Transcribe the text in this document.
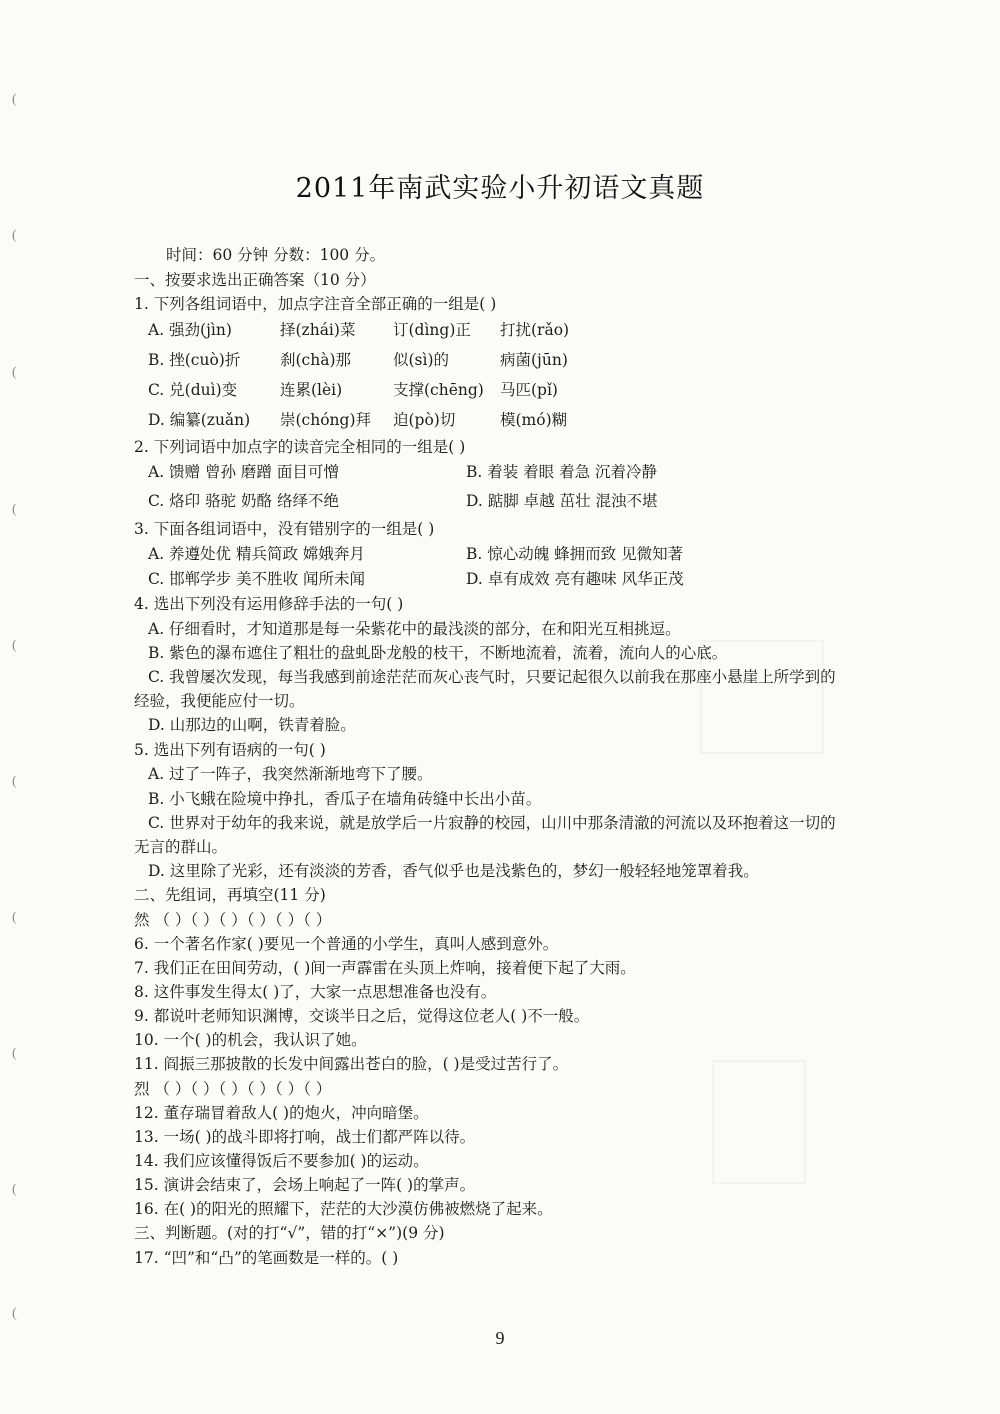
(
(
(
(
(
(
(
(
(
(
2011年南武实验小升初语文真题
时间：60 分钟 分数：100 分。
一、按要求选出正确答案（10 分）
1. 下列各组词语中，加点字注音全部正确的一组是( )
A. 强劲(jìn)	择(zhái)菜 订(dìng)正 打扰(rǎo)
B. 挫(cuò)折	刹(chà)那	似(sì)的	病菌(jūn)
C. 兑(duì)变	连累(lèi)	支撑(chēng) 马匹(pǐ)
D. 编纂(zuǎn) 崇(chóng)拜 迫(pò)切	模(mó)糊
2. 下列词语中加点字的读音完全相同的一组是( )
A. 馈赠 曾孙 磨蹭 面目可憎	B. 着装 着眼 着急 沉着冷静
C. 烙印 骆驼 奶酪 络绎不绝	D. 踮脚 卓越 茁壮 混浊不堪
3. 下面各组词语中，没有错别字的一组是( )
A. 养遵处优 精兵简政 嫦娥奔月	B. 惊心动魄 蜂拥而致 见微知著
C. 邯郸学步 美不胜收 闻所未闻	D. 卓有成效 亮有趣味 风华正茂
4. 选出下列没有运用修辞手法的一句( )
A. 仔细看时，才知道那是每一朵紫花中的最浅淡的部分，在和阳光互相挑逗。
B. 紫色的瀑布遮住了粗壮的盘虬卧龙般的枝干，不断地流着，流着，流向人的心底。
C. 我曾屡次发现，每当我感到前途茫茫而灰心丧气时，只要记起很久以前我在那座小悬崖上所学到的
经验，我便能应付一切。
D. 山那边的山啊，铁青着脸。
5. 选出下列有语病的一句( )
A. 过了一阵子，我突然渐渐地弯下了腰。
B. 小飞蛾在险境中挣扎，香瓜子在墙角砖缝中长出小苗。
C. 世界对于幼年的我来说，就是放学后一片寂静的校园，山川中那条清澈的河流以及环抱着这一切的
无言的群山。
D. 这里除了光彩，还有淡淡的芳香，香气似乎也是浅紫色的，梦幻一般轻轻地笼罩着我。
二、先组词，再填空(11 分)
然 （ ）（ ）（ ）（ ）（ ）（ ）
6. 一个著名作家( )要见一个普通的小学生，真叫人感到意外。
7. 我们正在田间劳动，( )间一声霹雷在头顶上炸响，接着便下起了大雨。
8. 这件事发生得太( )了，大家一点思想准备也没有。
9. 都说叶老师知识渊博，交谈半日之后，觉得这位老人( )不一般。
10. 一个( )的机会，我认识了她。
11. 阎振三那披散的长发中间露出苍白的脸，( )是受过苦行了。
烈 （ ）（ ）（ ）（ ）（ ）（ ）
12. 董存瑞冒着敌人( )的炮火，冲向暗堡。
13. 一场( )的战斗即将打响，战士们都严阵以待。
14. 我们应该懂得饭后不要参加( )的运动。
15. 演讲会结束了，会场上响起了一阵( )的掌声。
16. 在( )的阳光的照耀下，茫茫的大沙漠仿佛被燃烧了起来。
三、判断题。(对的打“√”，错的打“×”)(9 分)
17. “凹”和“凸”的笔画数是一样的。( )
9
